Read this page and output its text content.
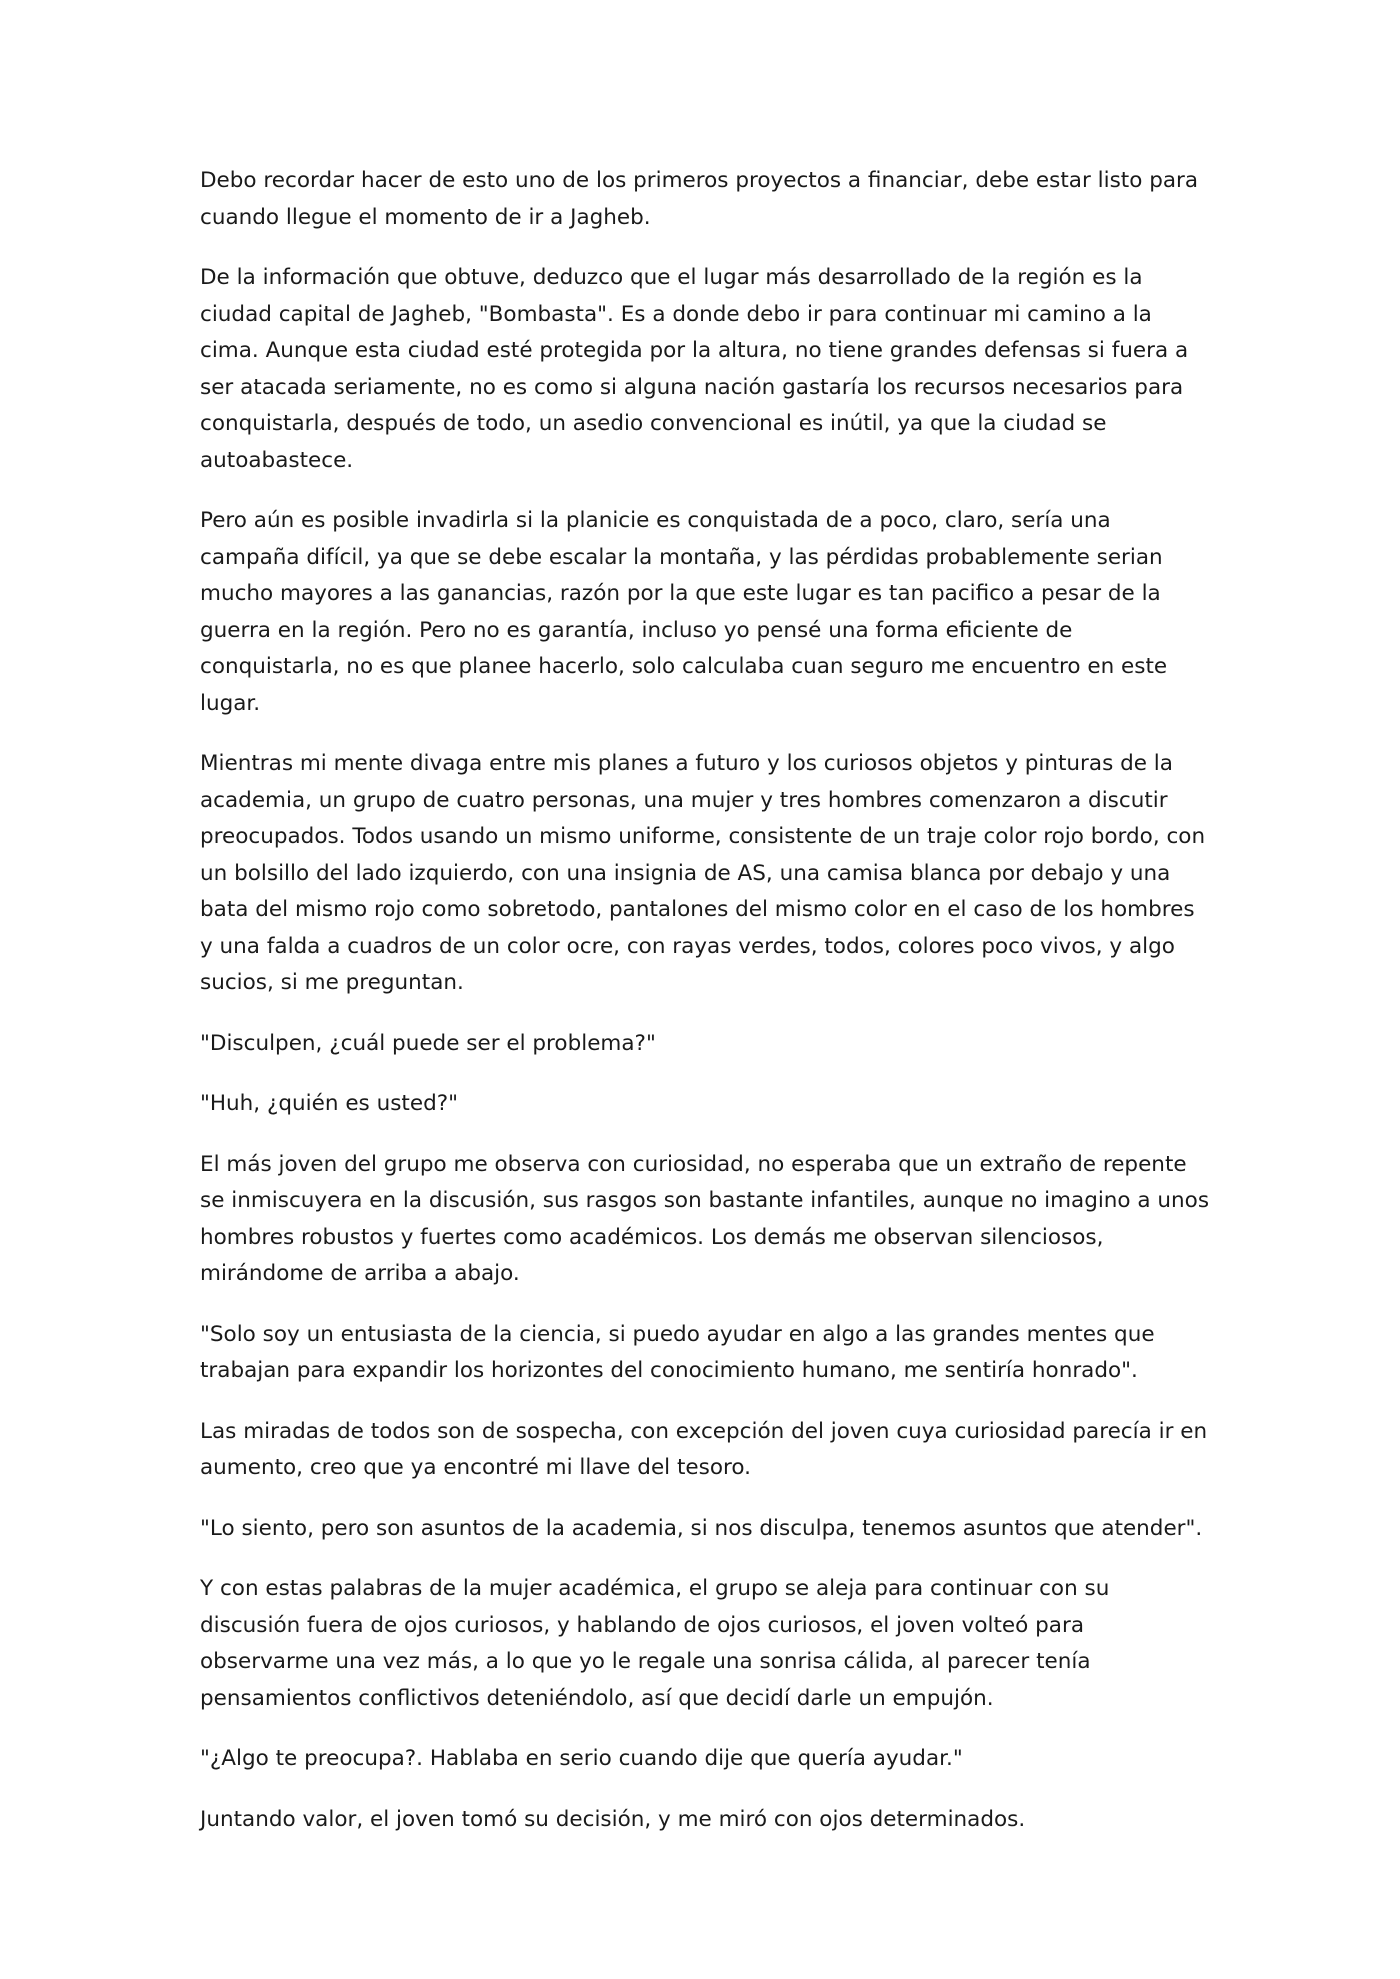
Debo recordar hacer de esto uno de los primeros proyectos a financiar, debe estar listo para cuando llegue el momento de ir a Jagheb.

De la información que obtuve, deduzco que el lugar más desarrollado de la región es la ciudad capital de Jagheb, "Bombasta". Es a donde debo ir para continuar mi camino a la cima. Aunque esta ciudad esté protegida por la altura, no tiene grandes defensas si fuera a ser atacada seriamente, no es como si alguna nación gastaría los recursos necesarios para conquistarla, después de todo, un asedio convencional es inútil, ya que la ciudad se autoabastece.

Pero aún es posible invadirla si la planicie es conquistada de a poco, claro, sería una campaña difícil, ya que se debe escalar la montaña, y las pérdidas probablemente serian mucho mayores a las ganancias, razón por la que este lugar es tan pacifico a pesar de la guerra en la región. Pero no es garantía, incluso yo pensé una forma eficiente de conquistarla, no es que planee hacerlo, solo calculaba cuan seguro me encuentro en este lugar.

Mientras mi mente divaga entre mis planes a futuro y los curiosos objetos y pinturas de la academia, un grupo de cuatro personas, una mujer y tres hombres comenzaron a discutir preocupados. Todos usando un mismo uniforme, consistente de un traje color rojo bordo, con un bolsillo del lado izquierdo, con una insignia de AS, una camisa blanca por debajo y una bata del mismo rojo como sobretodo, pantalones del mismo color en el caso de los hombres y una falda a cuadros de un color ocre, con rayas verdes, todos, colores poco vivos, y algo sucios, si me preguntan.

"Disculpen, ¿cuál puede ser el problema?"

"Huh, ¿quién es usted?"

El más joven del grupo me observa con curiosidad, no esperaba que un extraño de repente se inmiscuyera en la discusión, sus rasgos son bastante infantiles, aunque no imagino a unos hombres robustos y fuertes como académicos. Los demás me observan silenciosos, mirándome de arriba a abajo.

"Solo soy un entusiasta de la ciencia, si puedo ayudar en algo a las grandes mentes que trabajan para expandir los horizontes del conocimiento humano, me sentiría honrado".

Las miradas de todos son de sospecha, con excepción del joven cuya curiosidad parecía ir en aumento, creo que ya encontré mi llave del tesoro.

"Lo siento, pero son asuntos de la academia, si nos disculpa, tenemos asuntos que atender".

Y con estas palabras de la mujer académica, el grupo se aleja para continuar con su discusión fuera de ojos curiosos, y hablando de ojos curiosos, el joven volteó para observarme una vez más, a lo que yo le regale una sonrisa cálida, al parecer tenía pensamientos conflictivos deteniéndolo, así que decidí darle un empujón.

"¿Algo te preocupa?. Hablaba en serio cuando dije que quería ayudar."

Juntando valor, el joven tomó su decisión, y me miró con ojos determinados.
